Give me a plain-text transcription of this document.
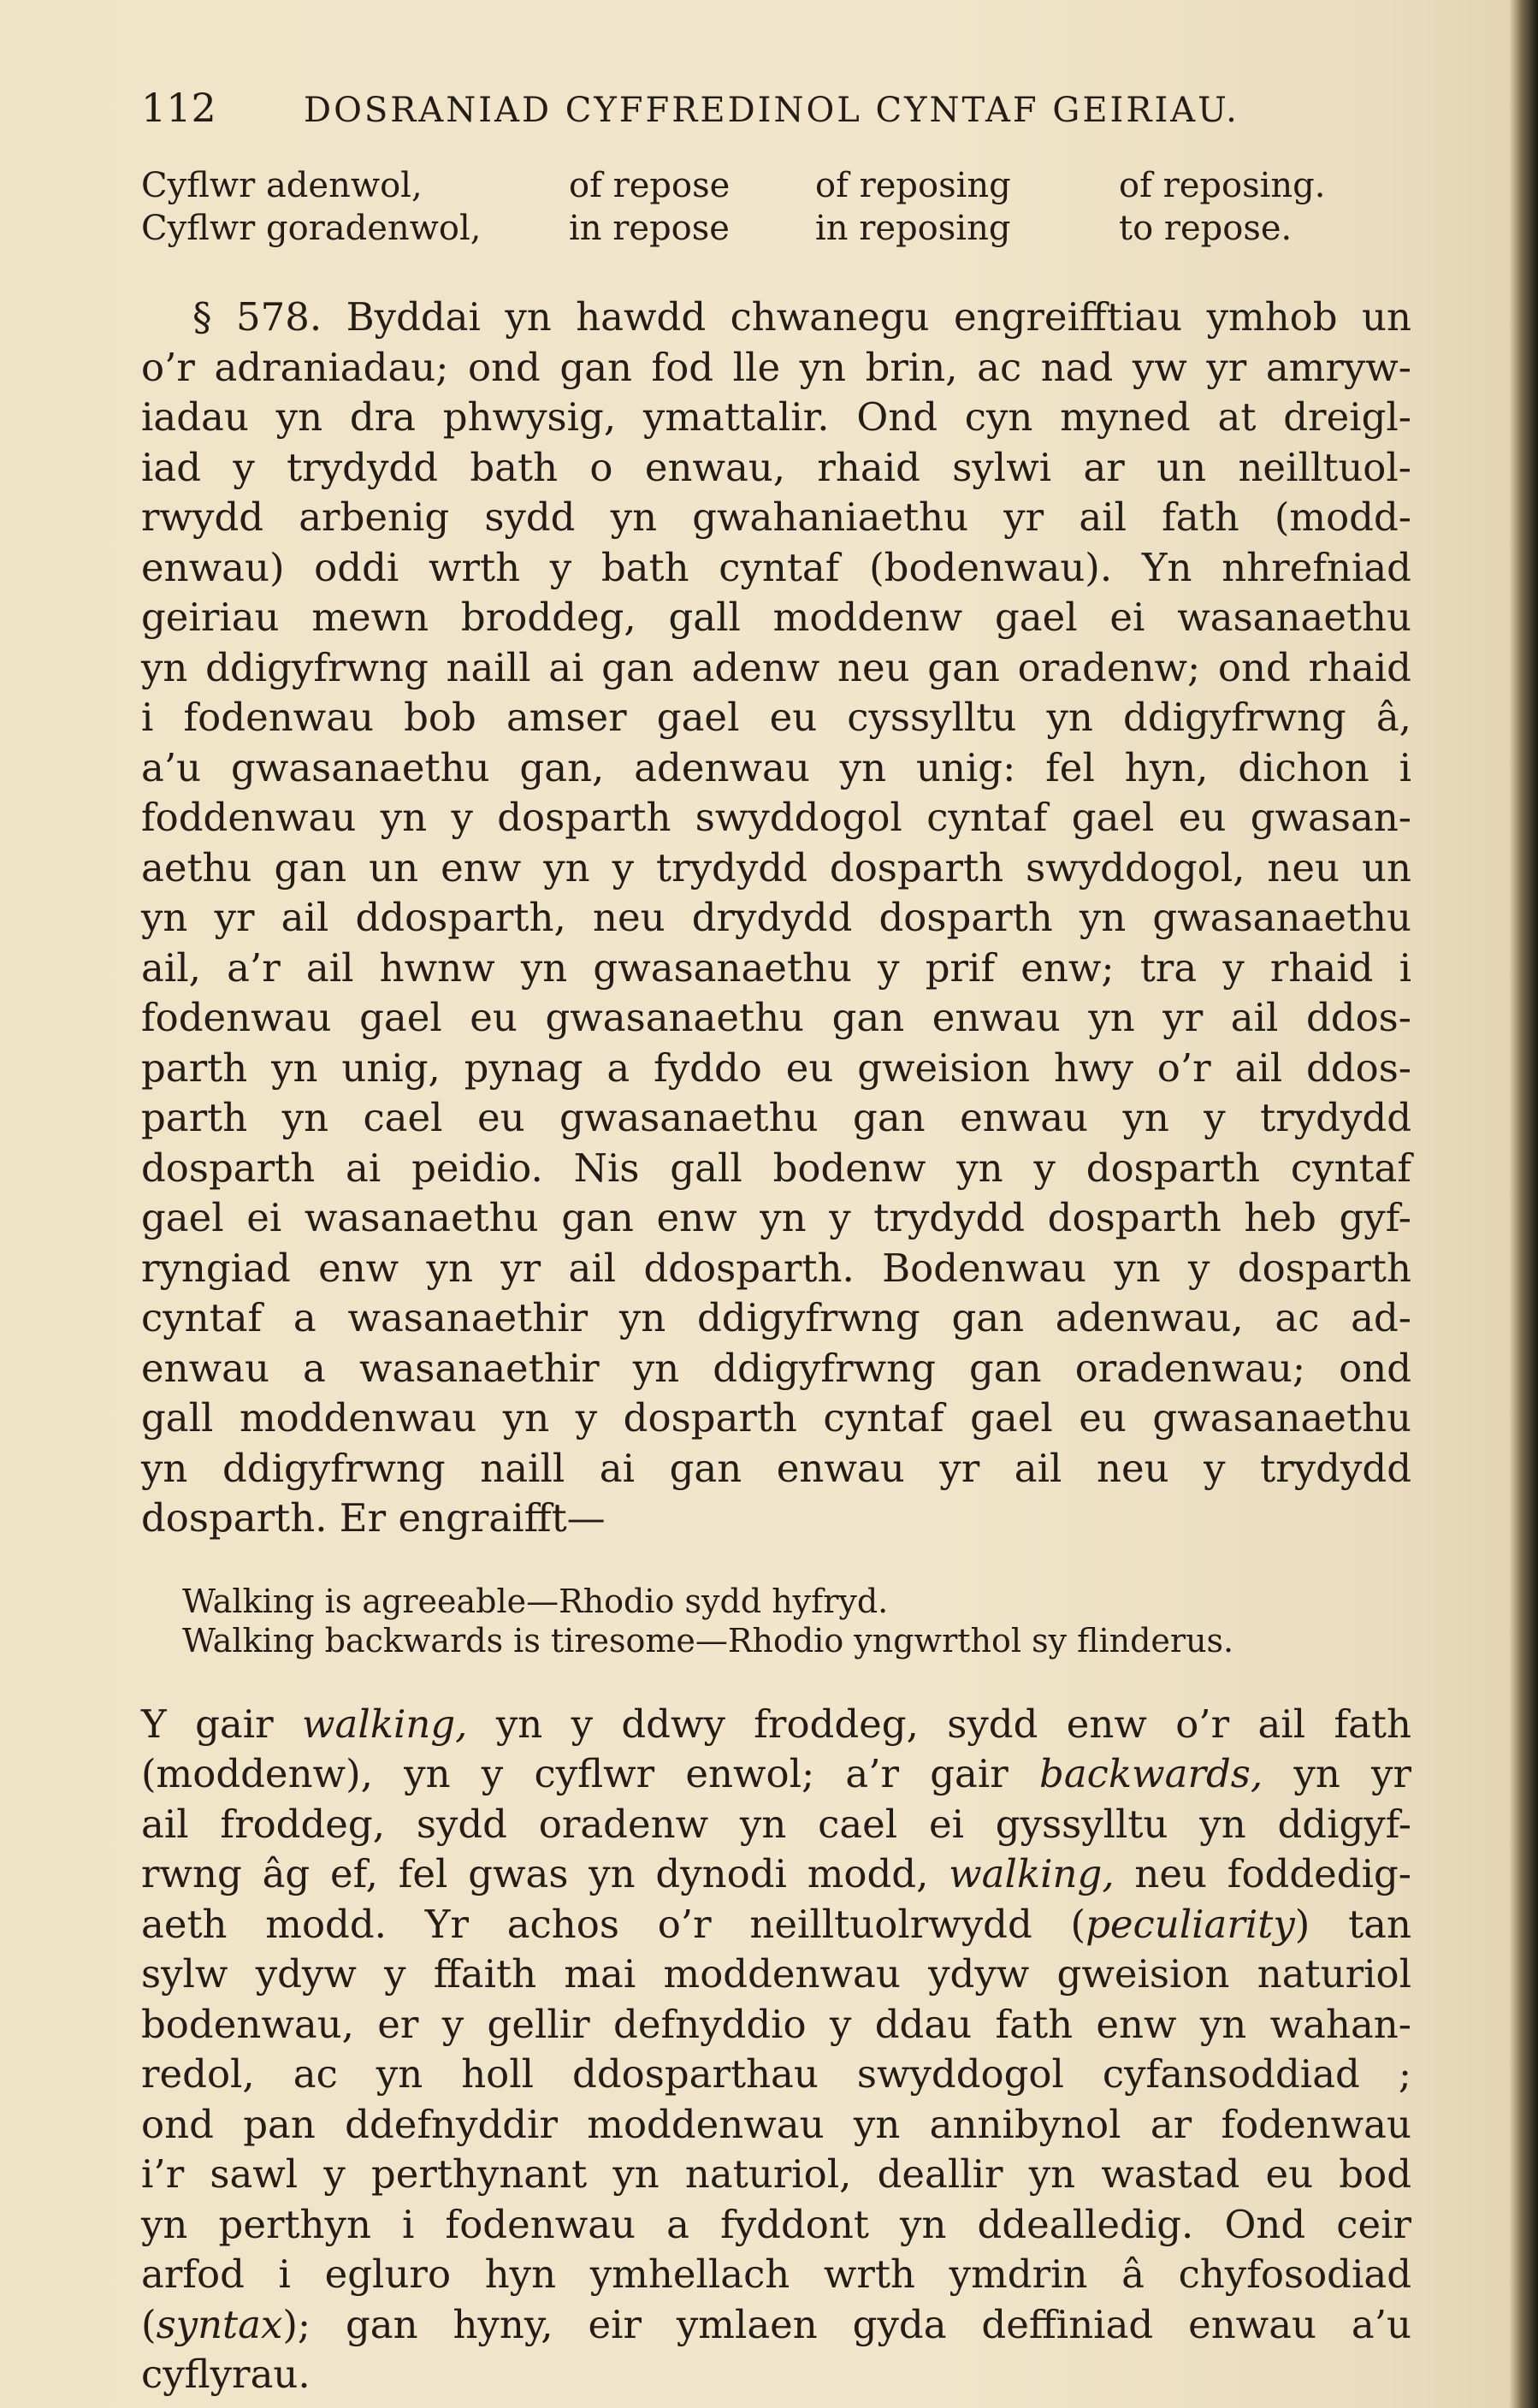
112	DOSRANIAD CYFFREDINOL CYNTAF GEIRIAU.
Cyflwr adenwol,	of repose	of reposing	of reposing.
Cyflwr goradenwol,	in repose	in reposing	to repose.
§ 578. Byddai yn hawdd chwanegu engreifftiau ymhob un
o’r adraniadau; ond gan fod lle yn brin, ac nad yw yr amryw-
iadau yn dra phwysig, ymattalir. Ond cyn myned at dreigl-
iad y trydydd bath o enwau, rhaid sylwi ar un neilltuol-
rwydd arbenig sydd yn gwahaniaethu yr ail fath (modd-
enwau) oddi wrth y bath cyntaf (bodenwau). Yn nhrefniad
geiriau mewn broddeg, gall moddenw gael ei wasanaethu
yn ddigyfrwng naill ai gan adenw neu gan oradenw; ond rhaid
i fodenwau bob amser gael eu cyssylltu yn ddigyfrwng â,
a’u gwasanaethu gan, adenwau yn unig: fel hyn, dichon i
foddenwau yn y dosparth swyddogol cyntaf gael eu gwasan-
aethu gan un enw yn y trydydd dosparth swyddogol, neu un
yn yr ail ddosparth, neu drydydd dosparth yn gwasanaethu
ail, a’r ail hwnw yn gwasanaethu y prif enw; tra y rhaid i
fodenwau gael eu gwasanaethu gan enwau yn yr ail ddos-
parth yn unig, pynag a fyddo eu gweision hwy o’r ail ddos-
parth yn cael eu gwasanaethu gan enwau yn y trydydd
dosparth ai peidio. Nis gall bodenw yn y dosparth cyntaf
gael ei wasanaethu gan enw yn y trydydd dosparth heb gyf-
ryngiad enw yn yr ail ddosparth. Bodenwau yn y dosparth
cyntaf a wasanaethir yn ddigyfrwng gan adenwau, ac ad-
enwau a wasanaethir yn ddigyfrwng gan oradenwau; ond
gall moddenwau yn y dosparth cyntaf gael eu gwasanaethu
yn ddigyfrwng naill ai gan enwau yr ail neu y trydydd
dosparth. Er engraifft—
Walking is agreeable—Rhodio sydd hyfryd.
Walking backwards is tiresome—Rhodio yngwrthol sy flinderus.
Y gair walking, yn y ddwy froddeg, sydd enw o’r ail fath
(moddenw), yn y cyflwr enwol; a’r gair backwards, yn yr
ail froddeg, sydd oradenw yn cael ei gyssylltu yn ddigyf-
rwng âg ef, fel gwas yn dynodi modd, walking, neu foddedig-
aeth modd. Yr achos o’r neilltuolrwydd (peculiarity) tan
sylw ydyw y ffaith mai moddenwau ydyw gweision naturiol
bodenwau, er y gellir defnyddio y ddau fath enw yn wahan-
redol, ac yn holl ddosparthau swyddogol cyfansoddiad ;
ond pan ddefnyddir moddenwau yn annibynol ar fodenwau
i’r sawl y perthynant yn naturiol, deallir yn wastad eu bod
yn perthyn i fodenwau a fyddont yn ddealledig. Ond ceir
arfod i egluro hyn ymhellach wrth ymdrin â chyfosodiad
(syntax); gan hyny, eir ymlaen gyda deffiniad enwau a’u
cyflyrau.
